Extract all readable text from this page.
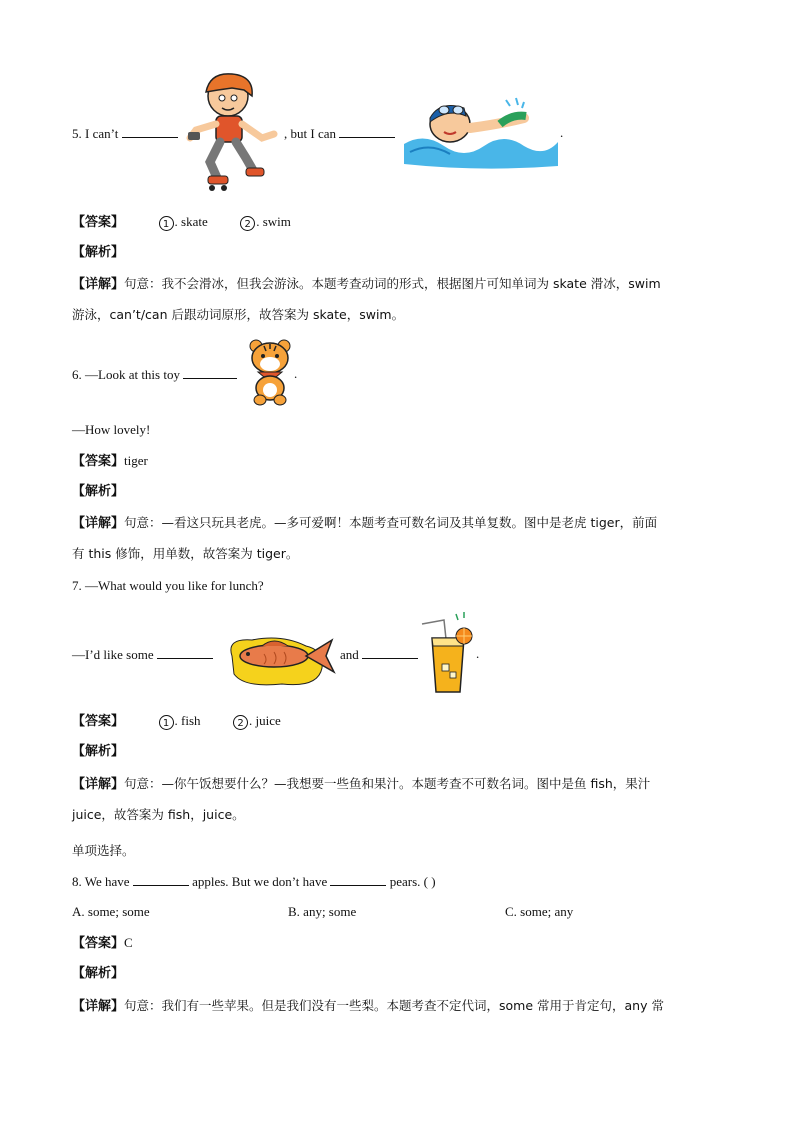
5. I can’t	, but I can	.
【答案】	1 . skate	2 . swim
【解析】
【详解】句意：我不会滑冰，但我会游泳。本题考查动词的形式，根据图片可知单词为 skate 滑冰，swim
游泳，can’t/can 后跟动词原形，故答案为 skate，swim。
6. —Look at this toy	.
—How lovely!
【答案】tiger
【解析】
【详解】句意：—看这只玩具老虎。—多可爱啊！本题考查可数名词及其单复数。图中是老虎 tiger，前面
有 this 修饰，用单数，故答案为 tiger。
7. —What would you like for lunch?
—I’d like some	and	.
【答案】	1 . fish	2 . juice
【解析】
【详解】句意：—你午饭想要什么？—我想要一些鱼和果汁。本题考查不可数名词。图中是鱼 fish，果汁
juice，故答案为 fish，juice。
单项选择。
8. We have	apples. But we don’t have	pears. ( )
A. some; some	B. any; some	C. some; any
【答案】C
【解析】
【详解】句意：我们有一些苹果。但是我们没有一些梨。本题考查不定代词，some 常用于肯定句，any 常
